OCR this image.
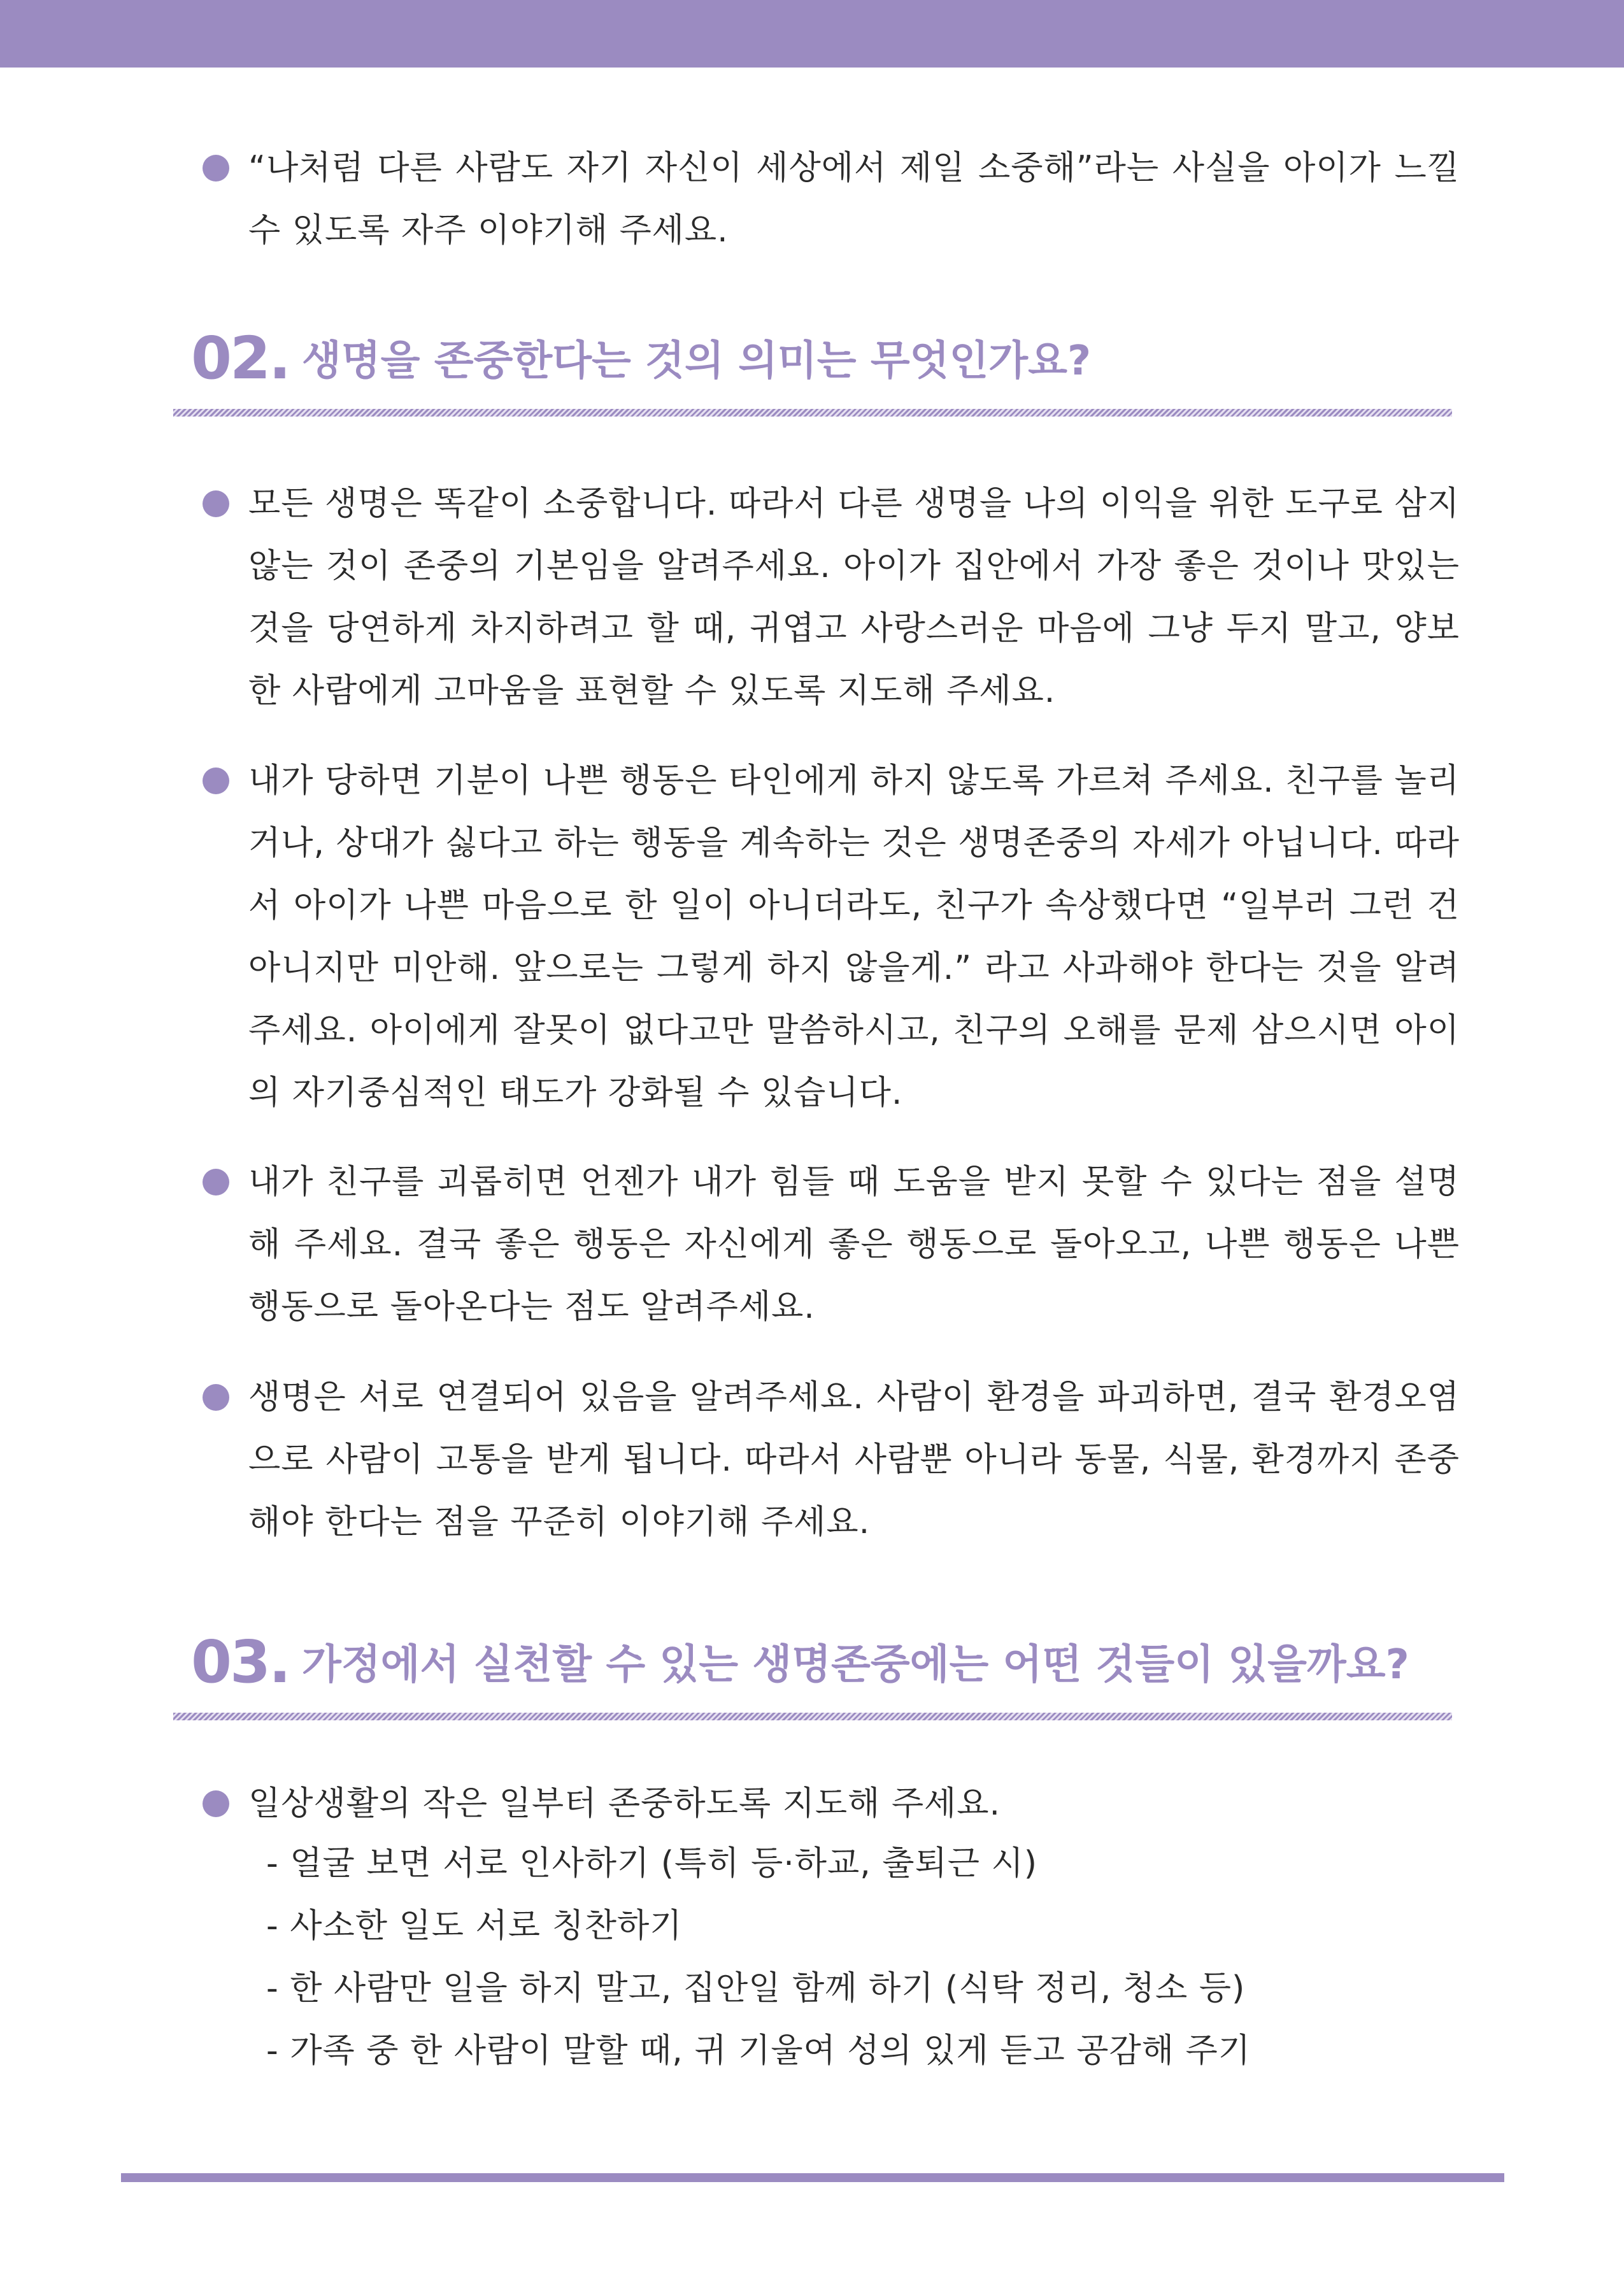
“나처럼 다른 사람도 자기 자신이 세상에서 제일 소중해”라는 사실을 아이가 느낄 수 있도록 자주 이야기해 주세요.
02. 생명을 존중한다는 것의 의미는 무엇인가요?
모든 생명은 똑같이 소중합니다. 따라서 다른 생명을 나의 이익을 위한 도구로 삼지 않는 것이 존중의 기본임을 알려주세요. 아이가 집안에서 가장 좋은 것이나 맛있는 것을 당연하게 차지하려고 할 때, 귀엽고 사랑스러운 마음에 그냥 두지 말고, 양보한 사람에게 고마움을 표현할 수 있도록 지도해 주세요.
내가 당하면 기분이 나쁜 행동은 타인에게 하지 않도록 가르쳐 주세요. 친구를 놀리거나, 상대가 싫다고 하는 행동을 계속하는 것은 생명존중의 자세가 아닙니다. 따라서 아이가 나쁜 마음으로 한 일이 아니더라도, 친구가 속상했다면 “일부러 그런 건 아니지만 미안해. 앞으로는 그렇게 하지 않을게.” 라고 사과해야 한다는 것을 알려주세요. 아이에게 잘못이 없다고만 말씀하시고, 친구의 오해를 문제 삼으시면 아이의 자기중심적인 태도가 강화될 수 있습니다.
내가 친구를 괴롭히면 언젠가 내가 힘들 때 도움을 받지 못할 수 있다는 점을 설명해 주세요. 결국 좋은 행동은 자신에게 좋은 행동으로 돌아오고, 나쁜 행동은 나쁜 행동으로 돌아온다는 점도 알려주세요.
생명은 서로 연결되어 있음을 알려주세요. 사람이 환경을 파괴하면, 결국 환경오염으로 사람이 고통을 받게 됩니다. 따라서 사람뿐 아니라 동물, 식물, 환경까지 존중해야 한다는 점을 꾸준히 이야기해 주세요.
03. 가정에서 실천할 수 있는 생명존중에는 어떤 것들이 있을까요?
일상생활의 작은 일부터 존중하도록 지도해 주세요.
- 얼굴 보면 서로 인사하기 (특히 등·하교, 출퇴근 시)
- 사소한 일도 서로 칭찬하기
- 한 사람만 일을 하지 말고, 집안일 함께 하기 (식탁 정리, 청소 등)
- 가족 중 한 사람이 말할 때, 귀 기울여 성의 있게 듣고 공감해 주기
